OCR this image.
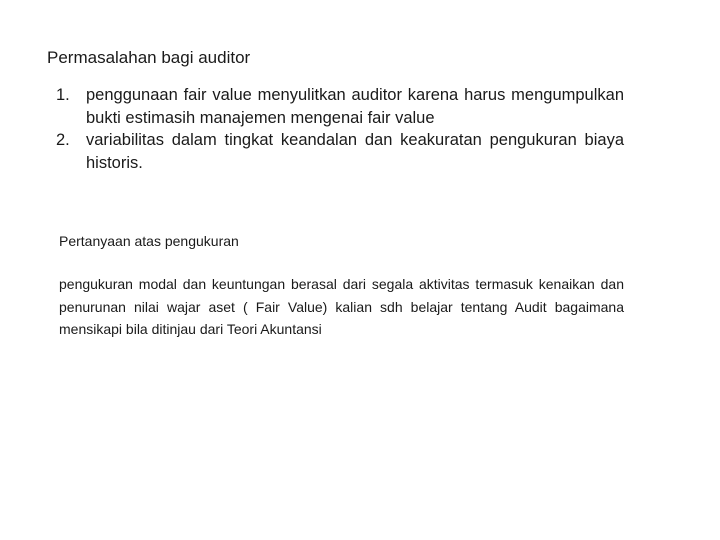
Permasalahan bagi auditor
1. penggunaan fair value menyulitkan auditor karena harus mengumpulkan bukti estimasih manajemen mengenai fair value
2. variabilitas dalam tingkat keandalan dan keakuratan pengukuran biaya historis.
Pertanyaan atas pengukuran

pengukuran modal dan keuntungan berasal dari segala aktivitas termasuk kenaikan dan penurunan nilai wajar aset ( Fair Value) kalian sdh belajar tentang Audit bagaimana mensikapi bila ditinjau dari Teori Akuntansi
